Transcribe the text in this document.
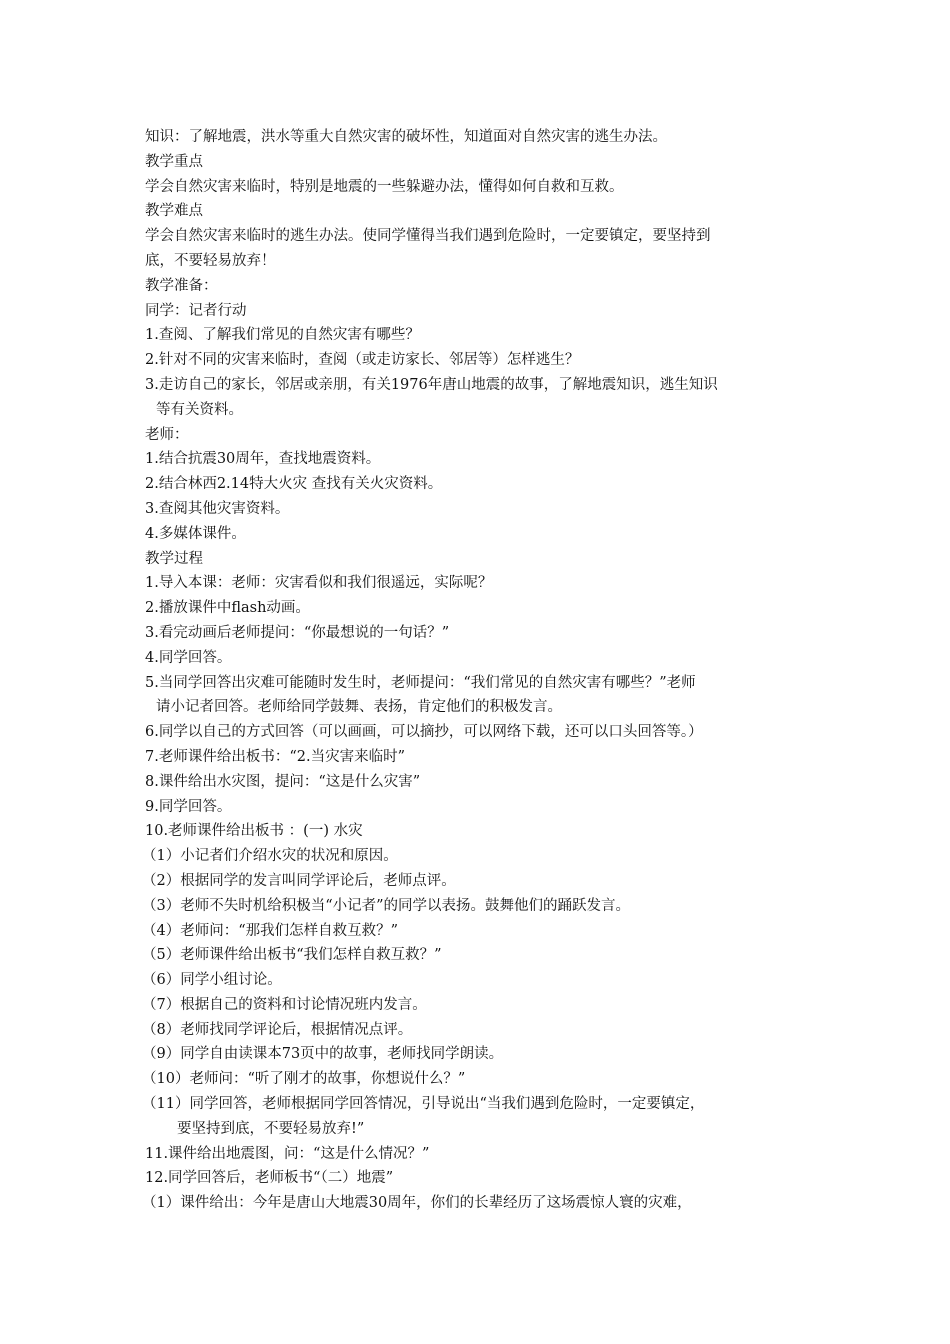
知识：了解地震，洪水等重大自然灾害的破坏性，知道面对自然灾害的逃生办法。
教学重点
学会自然灾害来临时，特别是地震的一些躲避办法，懂得如何自救和互救。
教学难点
学会自然灾害来临时的逃生办法。使同学懂得当我们遇到危险时，一定要镇定，要坚持到
底，不要轻易放弃！
教学准备：
同学：记者行动
1.查阅、了解我们常见的自然灾害有哪些？
2.针对不同的灾害来临时，查阅（或走访家长、邻居等）怎样逃生？
3.走访自己的家长，邻居或亲朋，有关1976年唐山地震的故事，了解地震知识，逃生知识
等有关资料。
老师：
1.结合抗震30周年，查找地震资料。
2.结合林西2.14特大火灾 查找有关火灾资料。
3.查阅其他灾害资料。
4.多媒体课件。
教学过程
1.导入本课：老师：灾害看似和我们很遥远，实际呢？
2.播放课件中flash动画。
3.看完动画后老师提问：“你最想说的一句话？”
4.同学回答。
5.当同学回答出灾难可能随时发生时，老师提问：“我们常见的自然灾害有哪些？”老师
请小记者回答。老师给同学鼓舞、表扬，肯定他们的积极发言。
6.同学以自己的方式回答（可以画画，可以摘抄，可以网络下载，还可以口头回答等。）
7.老师课件给出板书：“2.当灾害来临时”
8.课件给出水灾图，提问：“这是什么灾害”
9.同学回答。
10.老师课件给出板书 ：(一) 水灾
（1）小记者们介绍水灾的状况和原因。
（2）根据同学的发言叫同学评论后，老师点评。
（3）老师不失时机给积极当“小记者”的同学以表扬。鼓舞他们的踊跃发言。
（4）老师问：“那我们怎样自救互救？”
（5）老师课件给出板书“我们怎样自救互救？”
（6）同学小组讨论。
（7）根据自己的资料和讨论情况班内发言。
（8）老师找同学评论后，根据情况点评。
（9）同学自由读课本73页中的故事，老师找同学朗读。
（10）老师问：“听了刚才的故事，你想说什么？”
（11）同学回答，老师根据同学回答情况，引导说出“当我们遇到危险时，一定要镇定，
要坚持到底，不要轻易放弃!”
11.课件给出地震图，问：“这是什么情况？”
12.同学回答后，老师板书“（二）地震”
（1）课件给出：今年是唐山大地震30周年，你们的长辈经历了这场震惊人寰的灾难，
